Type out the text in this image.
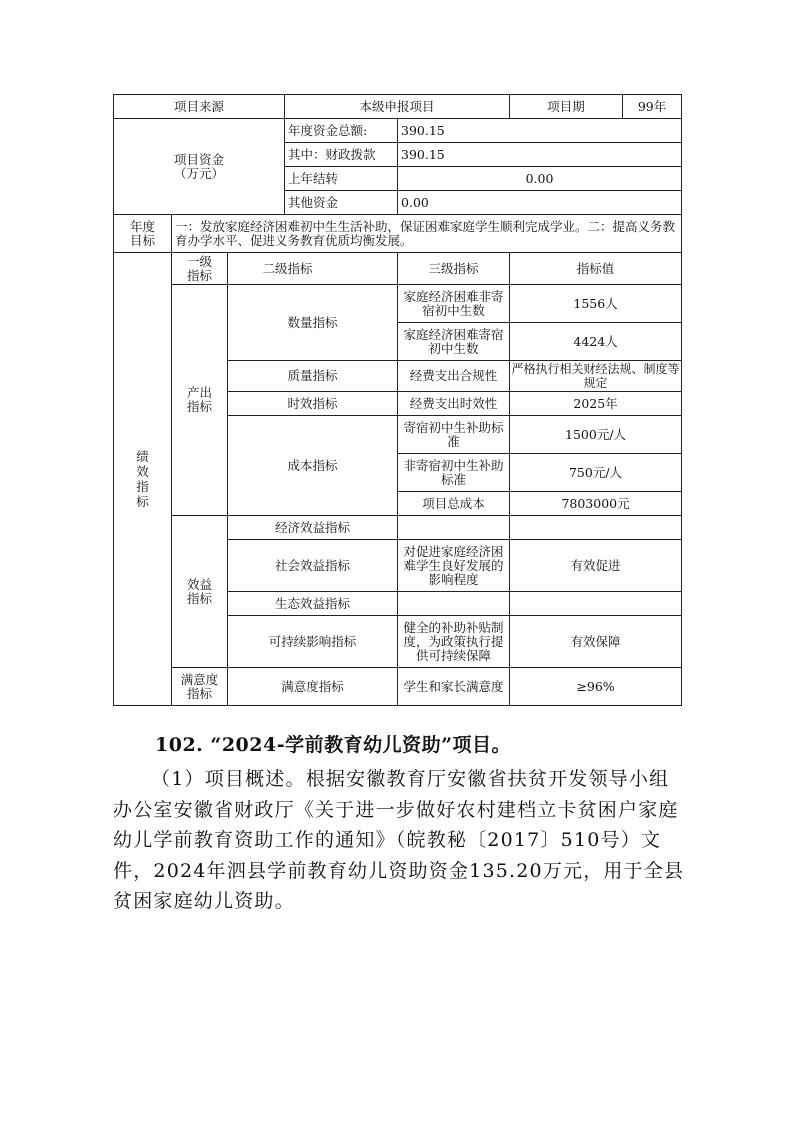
项目来源			本级申报项目		项目期 99年

项目资金
（万元）			年度资金总额:	390.15	
			其中：财政拨款	390.15	
			上年结转	0.00	
			其他资金	0.00	

年度目标	一：发放家庭经济困难初中生生活补助，保证困难家庭学生顺利完成学业。二：提高义务教育办学水平、促进义务教育优质均衡发展。				

绩效指标	一级指标	二级指标		三级指标	指标值

	产出指标	数量指标		家庭经济困难非寄宿初中生数	1556人
				家庭经济困难寄宿初中生数	4424人
		质量指标		经费支出合规性	严格执行相关财经法规、制度等规定
		时效指标		经费支出时效性	2025年
		成本指标		寄宿初中生补助标准	1500元/人
				非寄宿初中生补助标准	750元/人
				项目总成本	7803000元

	效益指标	经济效益指标			
		社会效益指标		对促进家庭经济困难学生良好发展的影响程度	有效促进
		生态效益指标			
		可持续影响指标		健全的补助补贴制度，为政策执行提供可持续保障	有效保障

	满意度指标	满意度指标		学生和家长满意度	≥96%
102. “2024-学前教育幼儿资助”项目。
（1）项目概述。根据安徽教育厅安徽省扶贫开发领导小组办公室安徽省财政厅《关于进一步做好农村建档立卡贫困户家庭幼儿学前教育资助工作的通知》（皖教秘〔2017〕510号）文件，2024年泗县学前教育幼儿资助资金135.20万元，用于全县贫困家庭幼儿资助。
